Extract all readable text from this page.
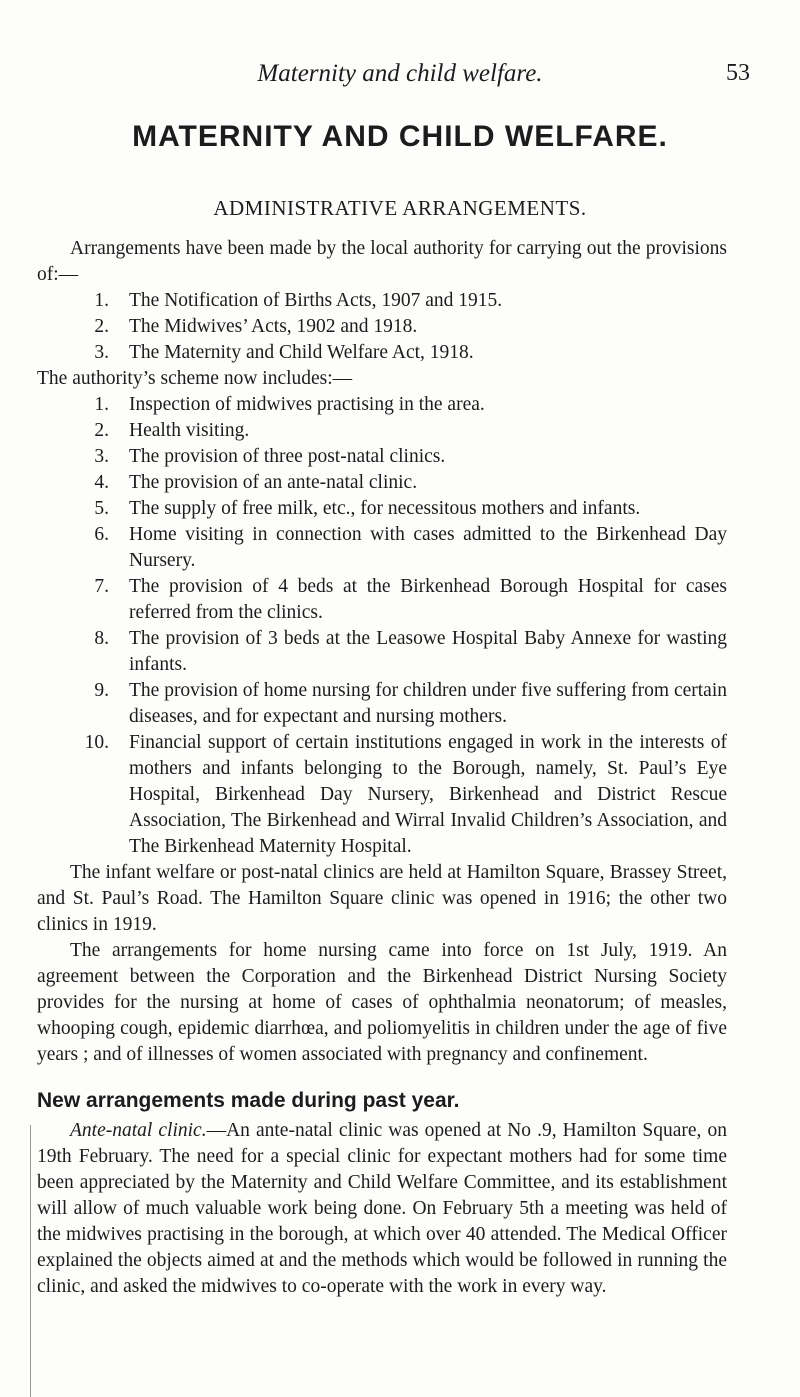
Maternity and child welfare.	53
MATERNITY AND CHILD WELFARE.
ADMINISTRATIVE ARRANGEMENTS.

Arrangements have been made by the local authority for carrying out the provisions of:—

1. The Notification of Births Acts, 1907 and 1915.
2. The Midwives’ Acts, 1902 and 1918.
3. The Maternity and Child Welfare Act, 1918.

The authority’s scheme now includes:—

1. Inspection of midwives practising in the area.
2. Health visiting.
3. The provision of three post-natal clinics.
4. The provision of an ante-natal clinic.
5. The supply of free milk, etc., for necessitous mothers and infants.
6. Home visiting in connection with cases admitted to the Birkenhead Day Nursery.
7. The provision of 4 beds at the Birkenhead Borough Hospital for cases referred from the clinics.
8. The provision of 3 beds at the Leasowe Hospital Baby Annexe for wasting infants.
9. The provision of home nursing for children under five suffering from certain diseases, and for expectant and nursing mothers.
10. Financial support of certain institutions engaged in work in the interests of mothers and infants belonging to the Borough, namely, St. Paul’s Eye Hospital, Birkenhead Day Nursery, Birkenhead and District Rescue Association, The Birkenhead and Wirral Invalid Children’s Association, and The Birkenhead Maternity Hospital.

The infant welfare or post-natal clinics are held at Hamilton Square, Brassey Street, and St. Paul’s Road. The Hamilton Square clinic was opened in 1916; the other two clinics in 1919.

The arrangements for home nursing came into force on 1st July, 1919. An agreement between the Corporation and the Birkenhead District Nursing Society provides for the nursing at home of cases of ophthalmia neonatorum; of measles, whooping cough, epidemic diarrhœa, and poliomyelitis in children under the age of five years ; and of illnesses of women associated with pregnancy and confinement.

New arrangements made during past year.

Ante-natal clinic.—An ante-natal clinic was opened at No .9, Hamilton Square, on 19th February. The need for a special clinic for expectant mothers had for some time been appreciated by the Maternity and Child Welfare Committee, and its establishment will allow of much valuable work being done. On February 5th a meeting was held of the midwives practising in the borough, at which over 40 attended. The Medical Officer explained the objects aimed at and the methods which would be followed in running the clinic, and asked the midwives to co-operate with the work in every way.
